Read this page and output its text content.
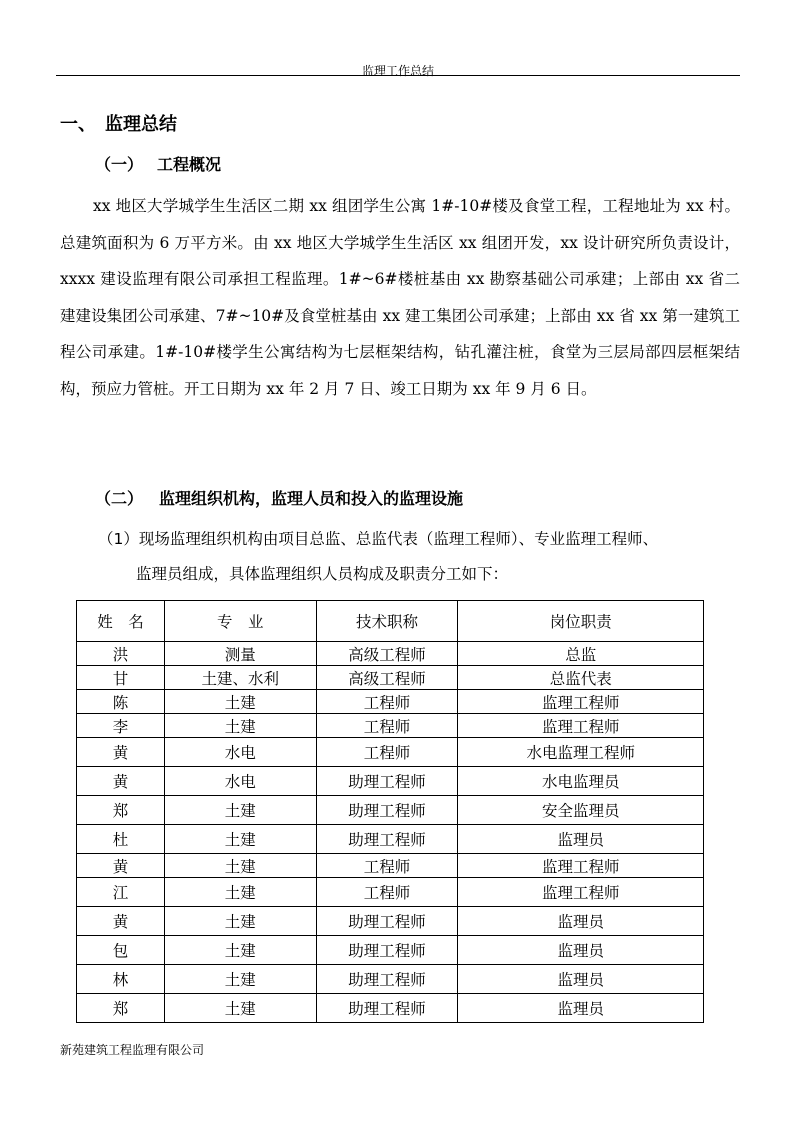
监理工作总结
一、 监理总结
（一） 工程概况
xx 地区大学城学生生活区二期 xx 组团学生公寓 1#-10#楼及食堂工程，工程地址为 xx 村。总建筑面积为 6 万平方米。由 xx 地区大学城学生生活区 xx 组团开发，xx 设计研究所负责设计，xxxx 建设监理有限公司承担工程监理。1#~6#楼桩基由 xx 勘察基础公司承建；上部由 xx 省二建建设集团公司承建、7#~10#及食堂桩基由 xx 建工集团公司承建；上部由 xx 省 xx 第一建筑工程公司承建。1#-10#楼学生公寓结构为七层框架结构，钻孔灌注桩，食堂为三层局部四层框架结构，预应力管桩。开工日期为 xx 年 2 月 7 日、竣工日期为 xx 年 9 月 6 日。
（二） 监理组织机构，监理人员和投入的监理设施
（1）现场监理组织机构由项目总监、总监代表（监理工程师）、专业监理工程师、
监理员组成，具体监理组织人员构成及职责分工如下：
姓　名	专　业	技术职称	岗位职责
洪	测量	高级工程师	总监
甘	土建、水利	高级工程师	总监代表
陈	土建	工程师	监理工程师
李	土建	工程师	监理工程师
黄	水电	工程师	水电监理工程师
黄	水电	助理工程师	水电监理员
郑	土建	助理工程师	安全监理员
杜	土建	助理工程师	监理员
黄	土建	工程师	监理工程师
江	土建	工程师	监理工程师
黄	土建	助理工程师	监理员
包	土建	助理工程师	监理员
林	土建	助理工程师	监理员
郑	土建	助理工程师	监理员
新苑建筑工程监理有限公司
